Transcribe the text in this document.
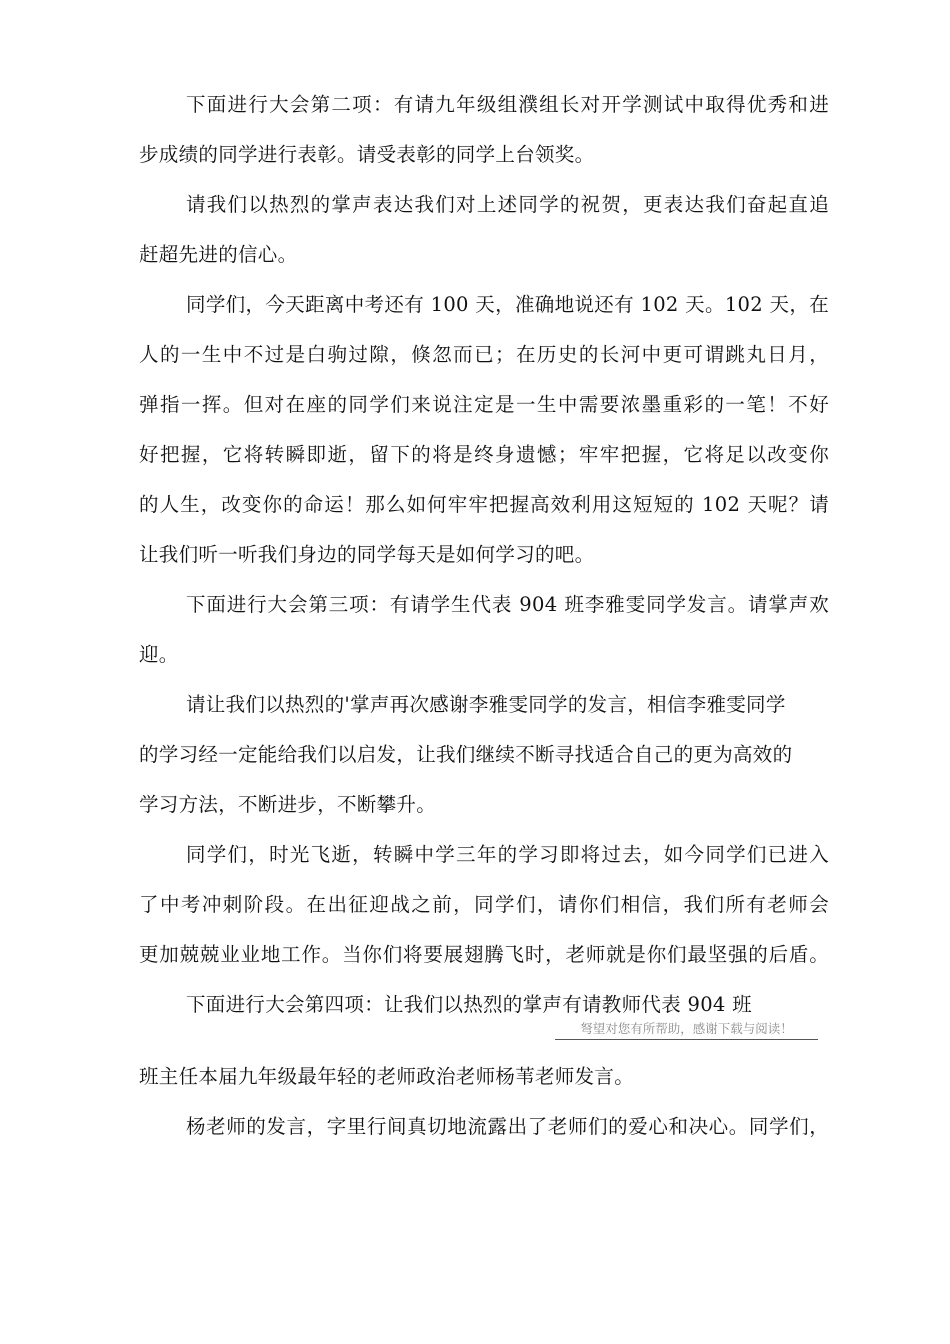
下面进行大会第二项：有请九年级组濮组长对开学测试中取得优秀和进
步成绩的同学进行表彰。请受表彰的同学上台领奖。
请我们以热烈的掌声表达我们对上述同学的祝贺，更表达我们奋起直追
赶超先进的信心。
同学们，今天距离中考还有 100 天，准确地说还有 102 天。102 天，在
人的一生中不过是白驹过隙，倏忽而已；在历史的长河中更可谓跳丸日月，
弹指一挥。但对在座的同学们来说注定是一生中需要浓墨重彩的一笔！不好
好把握，它将转瞬即逝，留下的将是终身遗憾；牢牢把握，它将足以改变你
的人生，改变你的命运！那么如何牢牢把握高效利用这短短的 102 天呢？请
让我们听一听我们身边的同学每天是如何学习的吧。
下面进行大会第三项：有请学生代表 904 班李雅雯同学发言。请掌声欢
迎。
请让我们以热烈的'掌声再次感谢李雅雯同学的发言，相信李雅雯同学
的学习经一定能给我们以启发，让我们继续不断寻找适合自己的更为高效的
学习方法，不断进步，不断攀升。
同学们，时光飞逝，转瞬中学三年的学习即将过去，如今同学们已进入
了中考冲刺阶段。在出征迎战之前，同学们，请你们相信，我们所有老师会
更加兢兢业业地工作。当你们将要展翅腾飞时，老师就是你们最坚强的后盾。
下面进行大会第四项：让我们以热烈的掌声有请教师代表 904 班
弩望对您有所帮助，感谢下载与阅读！
班主任本届九年级最年轻的老师政治老师杨苇老师发言。
杨老师的发言，字里行间真切地流露出了老师们的爱心和决心。同学们，
